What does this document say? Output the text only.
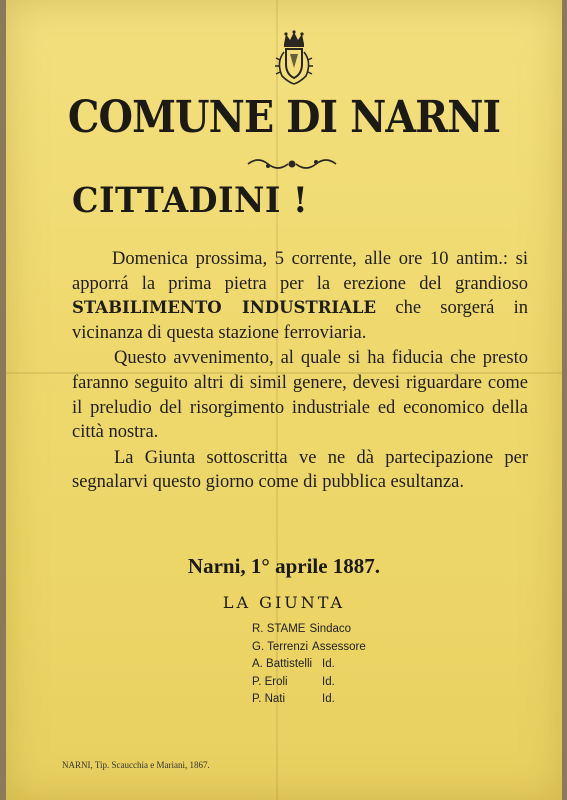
COMUNE DI NARNI
CITTADINI !

Domenica prossima, 5 corrente, alle ore 10 antim.: si apporrá la prima pietra per la erezione del grandioso STABILIMENTO INDUSTRIALE che sorgerá in vicinanza di questa stazione ferroviaria.

Questo avvenimento, al quale si ha fiducia che presto faranno seguito altri di simil genere, devesi riguardare come il preludio del risorgimento industriale ed economico della città nostra.

La Giunta sottoscritta ve ne dà partecipazione per segnalarvi questo giorno come di pubblica esultanza.

Narni, 1° aprile 1887.
LA GIUNTA
R. STAME Sindaco
G. Terrenzi Assessore
A. Battistelli Id.
P. Eroli	Id.
P. Nati	Id.
NARNI, Tip. Scaucchia e Mariani, 1867.
